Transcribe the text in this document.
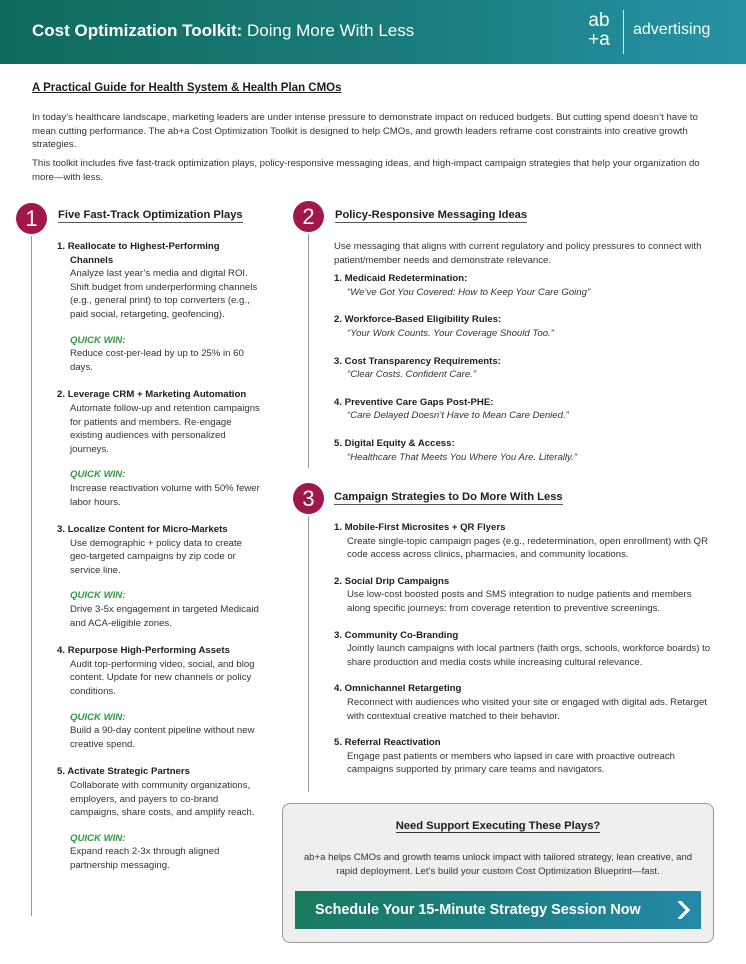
Cost Optimization Toolkit: Doing More With Less	ab
+a	advertising
A Practical Guide for Health System & Health Plan CMOs

In today’s healthcare landscape, marketing leaders are under intense pressure to demonstrate impact on reduced budgets. But cutting spend doesn’t have to mean cutting performance. The ab+a Cost Optimization Toolkit is designed to help CMOs, and growth leaders reframe cost constraints into creative growth strategies.

This toolkit includes five fast-track optimization plays, policy-responsive messaging ideas, and high-impact campaign strategies that help your organization do more—with less.

1	Five Fast-Track Optimization Plays
1. Reallocate to Highest-Performing Channels
Analyze last year’s media and digital ROI. Shift budget from underperforming channels (e.g., general print) to top converters (e.g., paid social, retargeting, geofencing).
QUICK WIN:
Reduce cost-per-lead by up to 25% in 60 days.
2. Leverage CRM + Marketing Automation
Automate follow-up and retention campaigns for patients and members. Re-engage existing audiences with personalized journeys.
QUICK WIN:
Increase reactivation volume with 50% fewer labor hours.
3. Localize Content for Micro-Markets
Use demographic + policy data to create geo-targeted campaigns by zip code or service line.
QUICK WIN:
Drive 3-5x engagement in targeted Medicaid and ACA-eligible zones.
4. Repurpose High-Performing Assets
Audit top-performing video, social, and blog content. Update for new channels or policy conditions.
QUICK WIN:
Build a 90-day content pipeline without new creative spend.
5. Activate Strategic Partners
Collaborate with community organizations, employers, and payers to co-brand campaigns, share costs, and amplify reach.
QUICK WIN:
Expand reach 2-3x through aligned partnership messaging.
2	Policy-Responsive Messaging Ideas
Use messaging that aligns with current regulatory and policy pressures to connect with patient/member needs and demonstrate relevance.
1. Medicaid Redetermination:
“We’ve Got You Covered: How to Keep Your Care Going”
2. Workforce-Based Eligibility Rules:
“Your Work Counts. Your Coverage Should Too.”
3. Cost Transparency Requirements:
“Clear Costs. Confident Care.”
4. Preventive Care Gaps Post-PHE:
“Care Delayed Doesn’t Have to Mean Care Denied.”
5. Digital Equity & Access:
“Healthcare That Meets You Where You Are. Literally.”
3	Campaign Strategies to Do More With Less
1. Mobile-First Microsites + QR Flyers
Create single-topic campaign pages (e.g., redetermination, open enrollment) with QR code access across clinics, pharmacies, and community locations.
2. Social Drip Campaigns
Use low-cost boosted posts and SMS integration to nudge patients and members along specific journeys: from coverage retention to preventive screenings.
3. Community Co-Branding
Jointly launch campaigns with local partners (faith orgs, schools, workforce boards) to share production and media costs while increasing cultural relevance.
4. Omnichannel Retargeting
Reconnect with audiences who visited your site or engaged with digital ads. Retarget with contextual creative matched to their behavior.
5. Referral Reactivation
Engage past patients or members who lapsed in care with proactive outreach campaigns supported by primary care teams and navigators.
Need Support Executing These Plays?
ab+a helps CMOs and growth teams unlock impact with tailored strategy, lean creative, and rapid deployment. Let’s build your custom Cost Optimization Blueprint—fast.
Schedule Your 15-Minute Strategy Session Now
